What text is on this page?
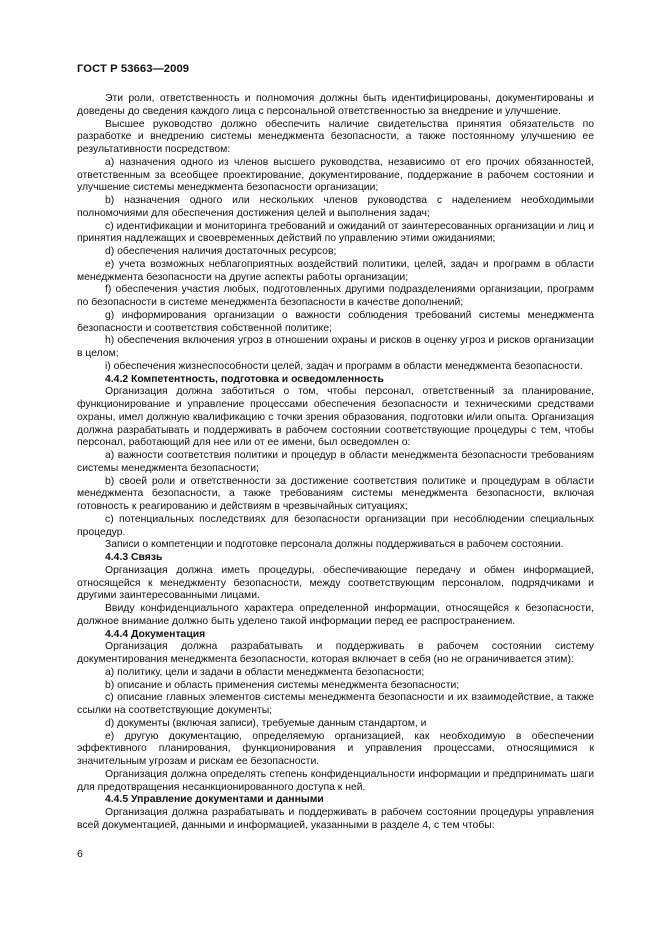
ГОСТ Р 53663—2009

Эти роли, ответственность и полномочия должны быть идентифицированы, документированы и доведены до сведения каждого лица с персональной ответственностью за внедрение и улучшение.

Высшее руководство должно обеспечить наличие свидетельства принятия обязательств по разработке и внедрению системы менеджмента безопасности, а также постоянному улучшению ее результативности посредством:

a) назначения одного из членов высшего руководства, независимо от его прочих обязанностей, ответственным за всеобщее проектирование, документирование, поддержание в рабочем состоянии и улучшение системы менеджмента безопасности организации;

b) назначения одного или нескольких членов руководства с наделением необходимыми полномочиями для обеспечения достижения целей и выполнения задач;

c) идентификации и мониторинга требований и ожиданий от заинтересованных организации и лиц и принятия надлежащих и своевременных действий по управлению этими ожиданиями;

d) обеспечения наличия достаточных ресурсов;

e) учета возможных неблагоприятных воздействий политики, целей, задач и программ в области менеджмента безопасности на другие аспекты работы организации;

f) обеспечения участия любых, подготовленных другими подразделениями организации, программ по безопасности в системе менеджмента безопасности в качестве дополнений;

g) информирования организации о важности соблюдения требований системы менеджмента безопасности и соответствия собственной политике;

h) обеспечения включения угроз в отношении охраны и рисков в оценку угроз и рисков организации в целом;

i) обеспечения жизнеспособности целей, задач и программ в области менеджмента безопасности.

4.4.2 Компетентность, подготовка и осведомленность

Организация должна заботиться о том, чтобы персонал, ответственный за планирование, функционирование и управление процессами обеспечения безопасности и техническими средствами охраны, имел должную квалификацию с точки зрения образования, подготовки и/или опыта. Организация должна разрабатывать и поддерживать в рабочем состоянии соответствующие процедуры с тем, чтобы персонал, работающий для нее или от ее имени, был осведомлен о:

a) важности соответствия политики и процедур в области менеджмента безопасности требованиям системы менеджмента безопасности;

b) своей роли и ответственности за достижение соответствия политике и процедурам в области менеджмента безопасности, а также требованиям системы менеджмента безопасности, включая готовность к реагированию и действиям в чрезвычайных ситуациях;

c) потенциальных последствиях для безопасности организации при несоблюдении специальных процедур.

Записи о компетенции и подготовке персонала должны поддерживаться в рабочем состоянии.

4.4.3 Связь

Организация должна иметь процедуры, обеспечивающие передачу и обмен информацией, относящейся к менеджменту безопасности, между соответствующим персоналом, подрядчиками и другими заинтересованными лицами.

Ввиду конфиденциального характера определенной информации, относящейся к безопасности, должное внимание должно быть уделено такой информации перед ее распространением.

4.4.4 Документация

Организация должна разрабатывать и поддерживать в рабочем состоянии систему документирования менеджмента безопасности, которая включает в себя (но не ограничивается этим):

a) политику, цели и задачи в области менеджмента безопасности;

b) описание и область применения системы менеджмента безопасности;

c) описание главных элементов системы менеджмента безопасности и их взаимодействие, а также ссылки на соответствующие документы;

d) документы (включая записи), требуемые данным стандартом, и

e) другую документацию, определяемую организацией, как необходимую в обеспечении эффективного планирования, функционирования и управления процессами, относящимися к значительным угрозам и рискам ее безопасности.

Организация должна определять степень конфиденциальности информации и предпринимать шаги для предотвращения несанкционированного доступа к ней.

4.4.5 Управление документами и данными

Организация должна разрабатывать и поддерживать в рабочем состоянии процедуры управления всей документацией, данными и информацией, указанными в разделе 4, с тем чтобы:

6
